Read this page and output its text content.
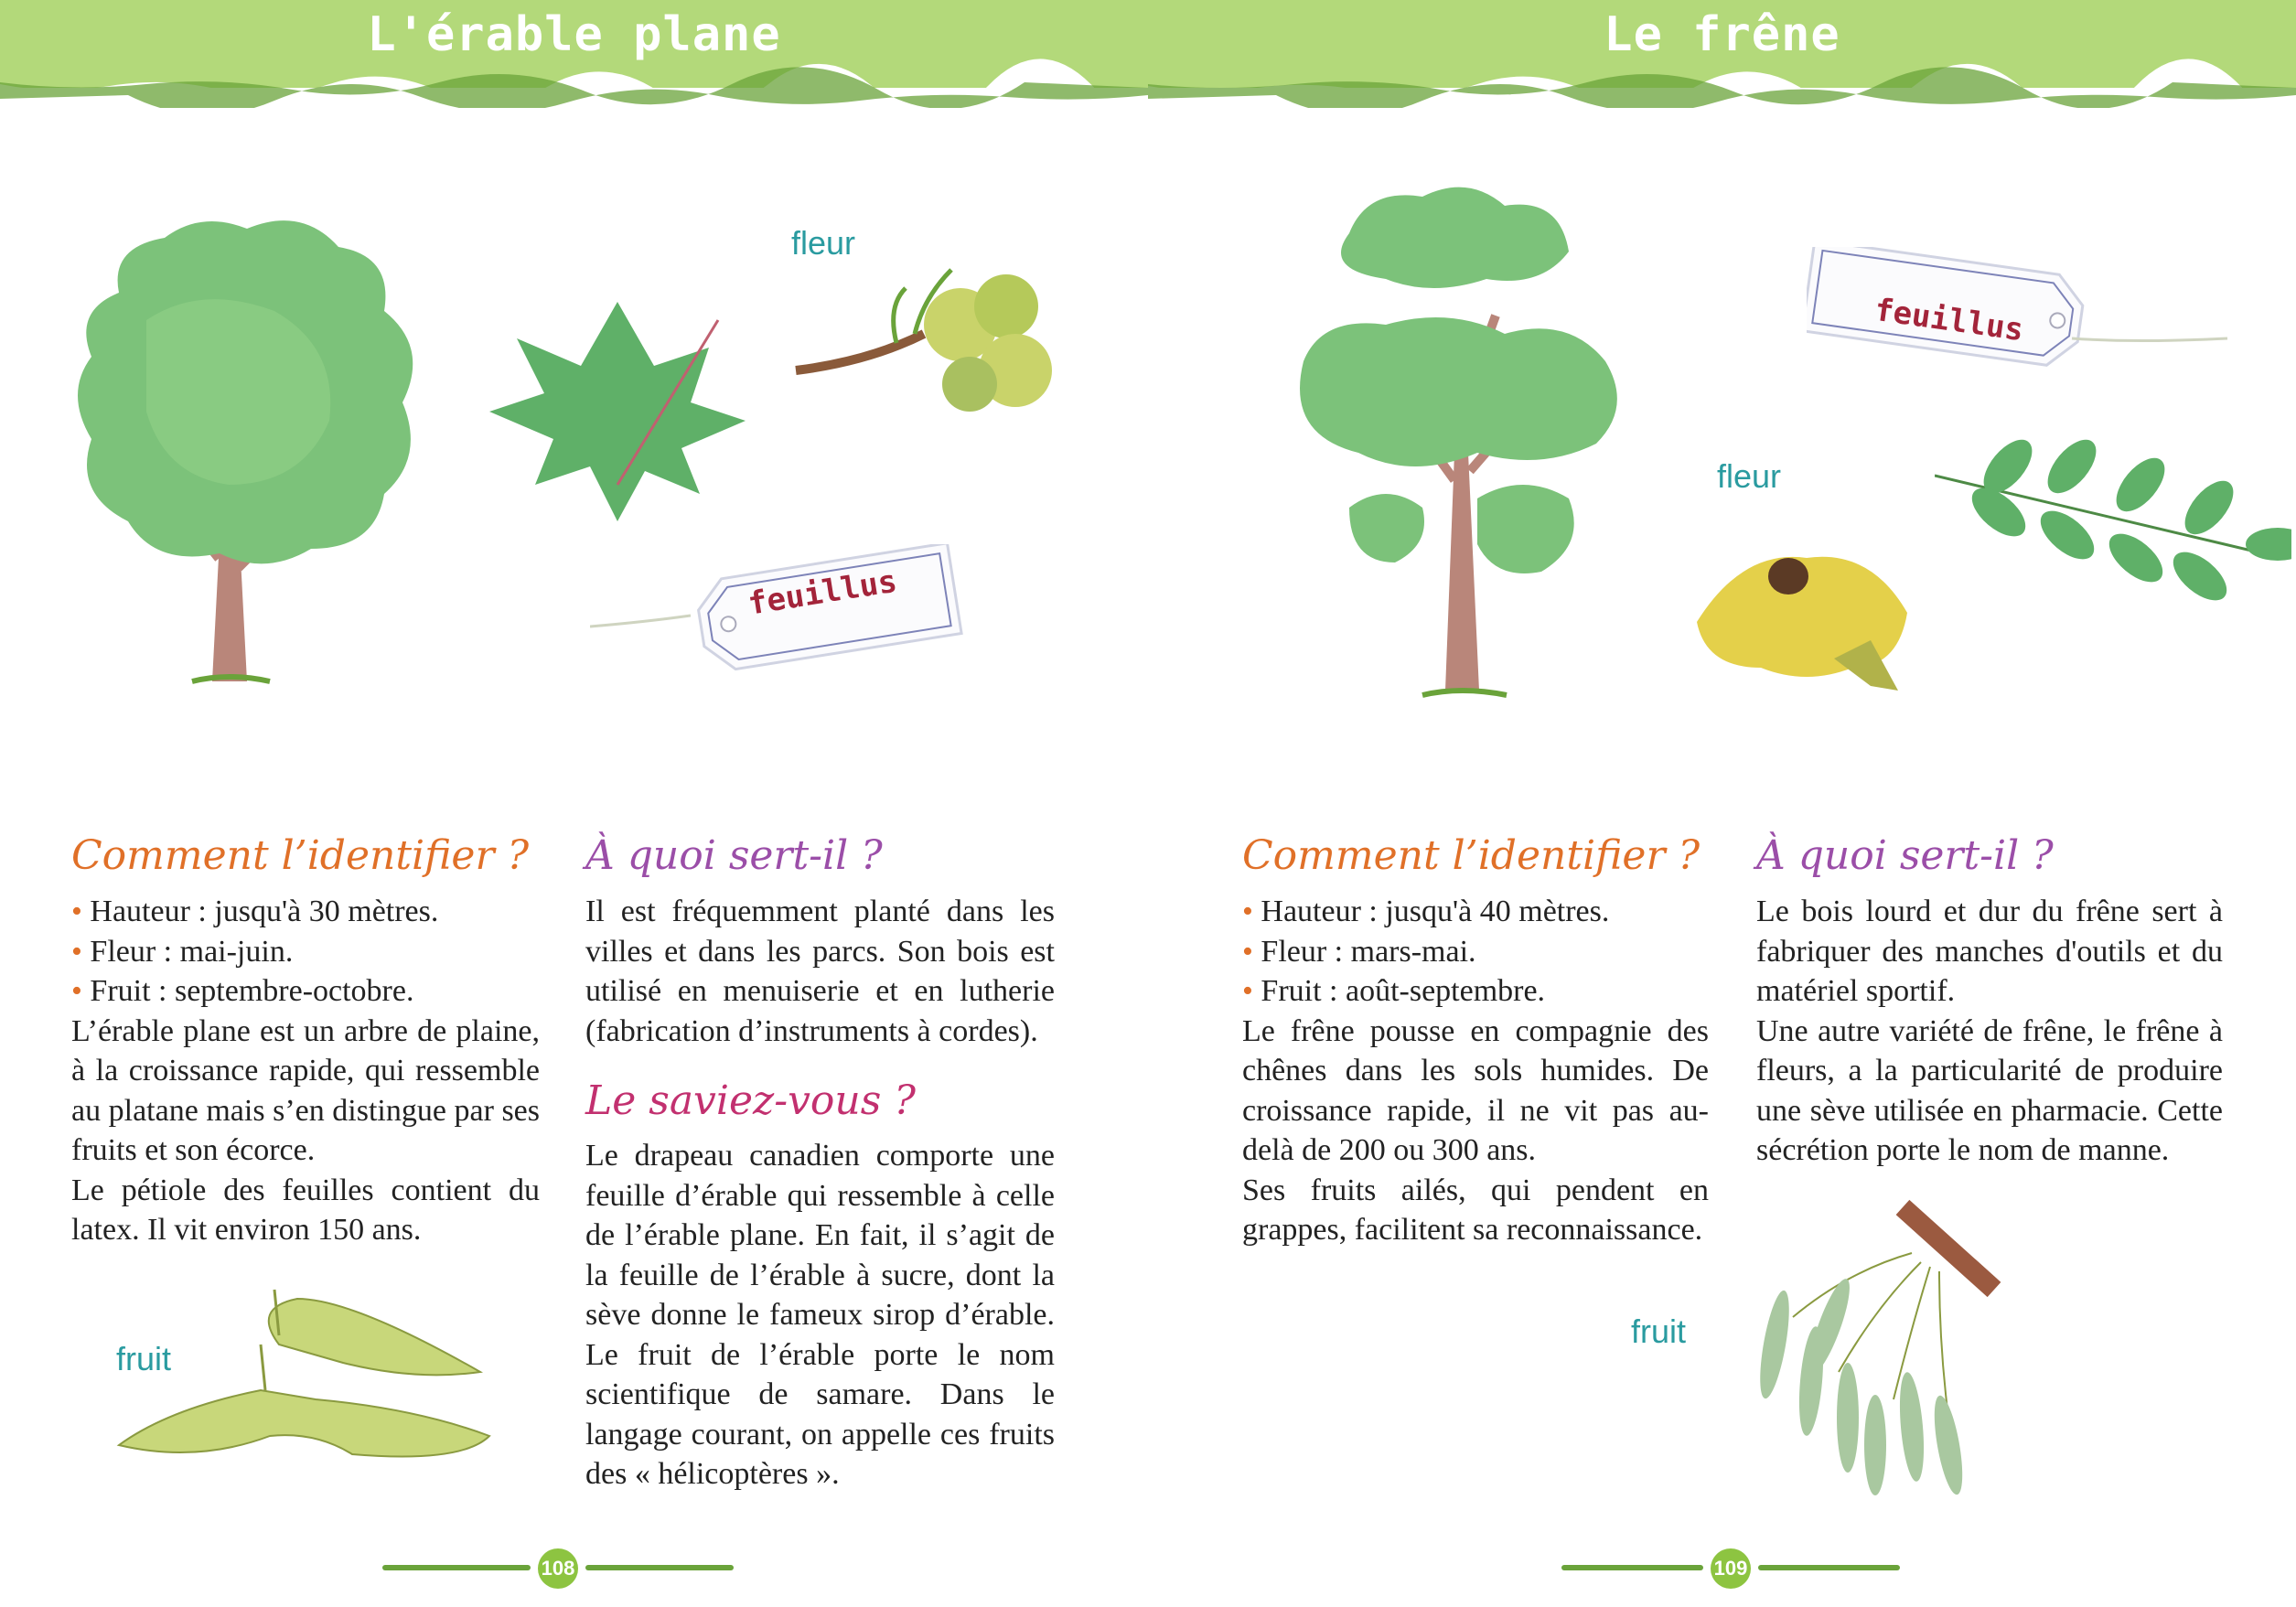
L'érable plane
fleur
feuillus
Comment l’identifier ?

• Hauteur : jusqu'à 30 mètres.

• Fleur : mai-juin.

• Fruit : septembre-octobre.

L’érable plane est un arbre de plaine, à la croissance rapide, qui ressemble au platane mais s’en distingue par ses fruits et son écorce.

Le pétiole des feuilles contient du latex. Il vit environ 150 ans.

fruit
À quoi sert-il ?

Il est fréquemment planté dans les villes et dans les parcs. Son bois est utilisé en menuiserie et en lutherie (fabrication d’instruments à cordes).

Le saviez-vous ?

Le drapeau canadien comporte une feuille d’érable qui ressemble à celle de l’érable plane. En fait, il s’agit de la feuille de l’érable à sucre, dont la sève donne le fameux sirop d’érable. Le fruit de l’érable porte le nom scientifique de samare. Dans le langage courant, on appelle ces fruits des « hélicoptères ».

108
Le frêne
feuillus
fleur
Comment l’identifier ?

• Hauteur : jusqu'à 40 mètres.

• Fleur : mars-mai.

• Fruit : août-septembre.

Le frêne pousse en compagnie des chênes dans les sols humides. De croissance rapide, il ne vit pas au-delà de 200 ou 300 ans.

Ses fruits ailés, qui pendent en grappes, facilitent sa reconnaissance.

À quoi sert-il ?

Le bois lourd et dur du frêne sert à fabriquer des manches d'outils et du matériel sportif.

Une autre variété de frêne, le frêne à fleurs, a la particularité de produire une sève utilisée en pharmacie. Cette sécrétion porte le nom de manne.

fruit
109
